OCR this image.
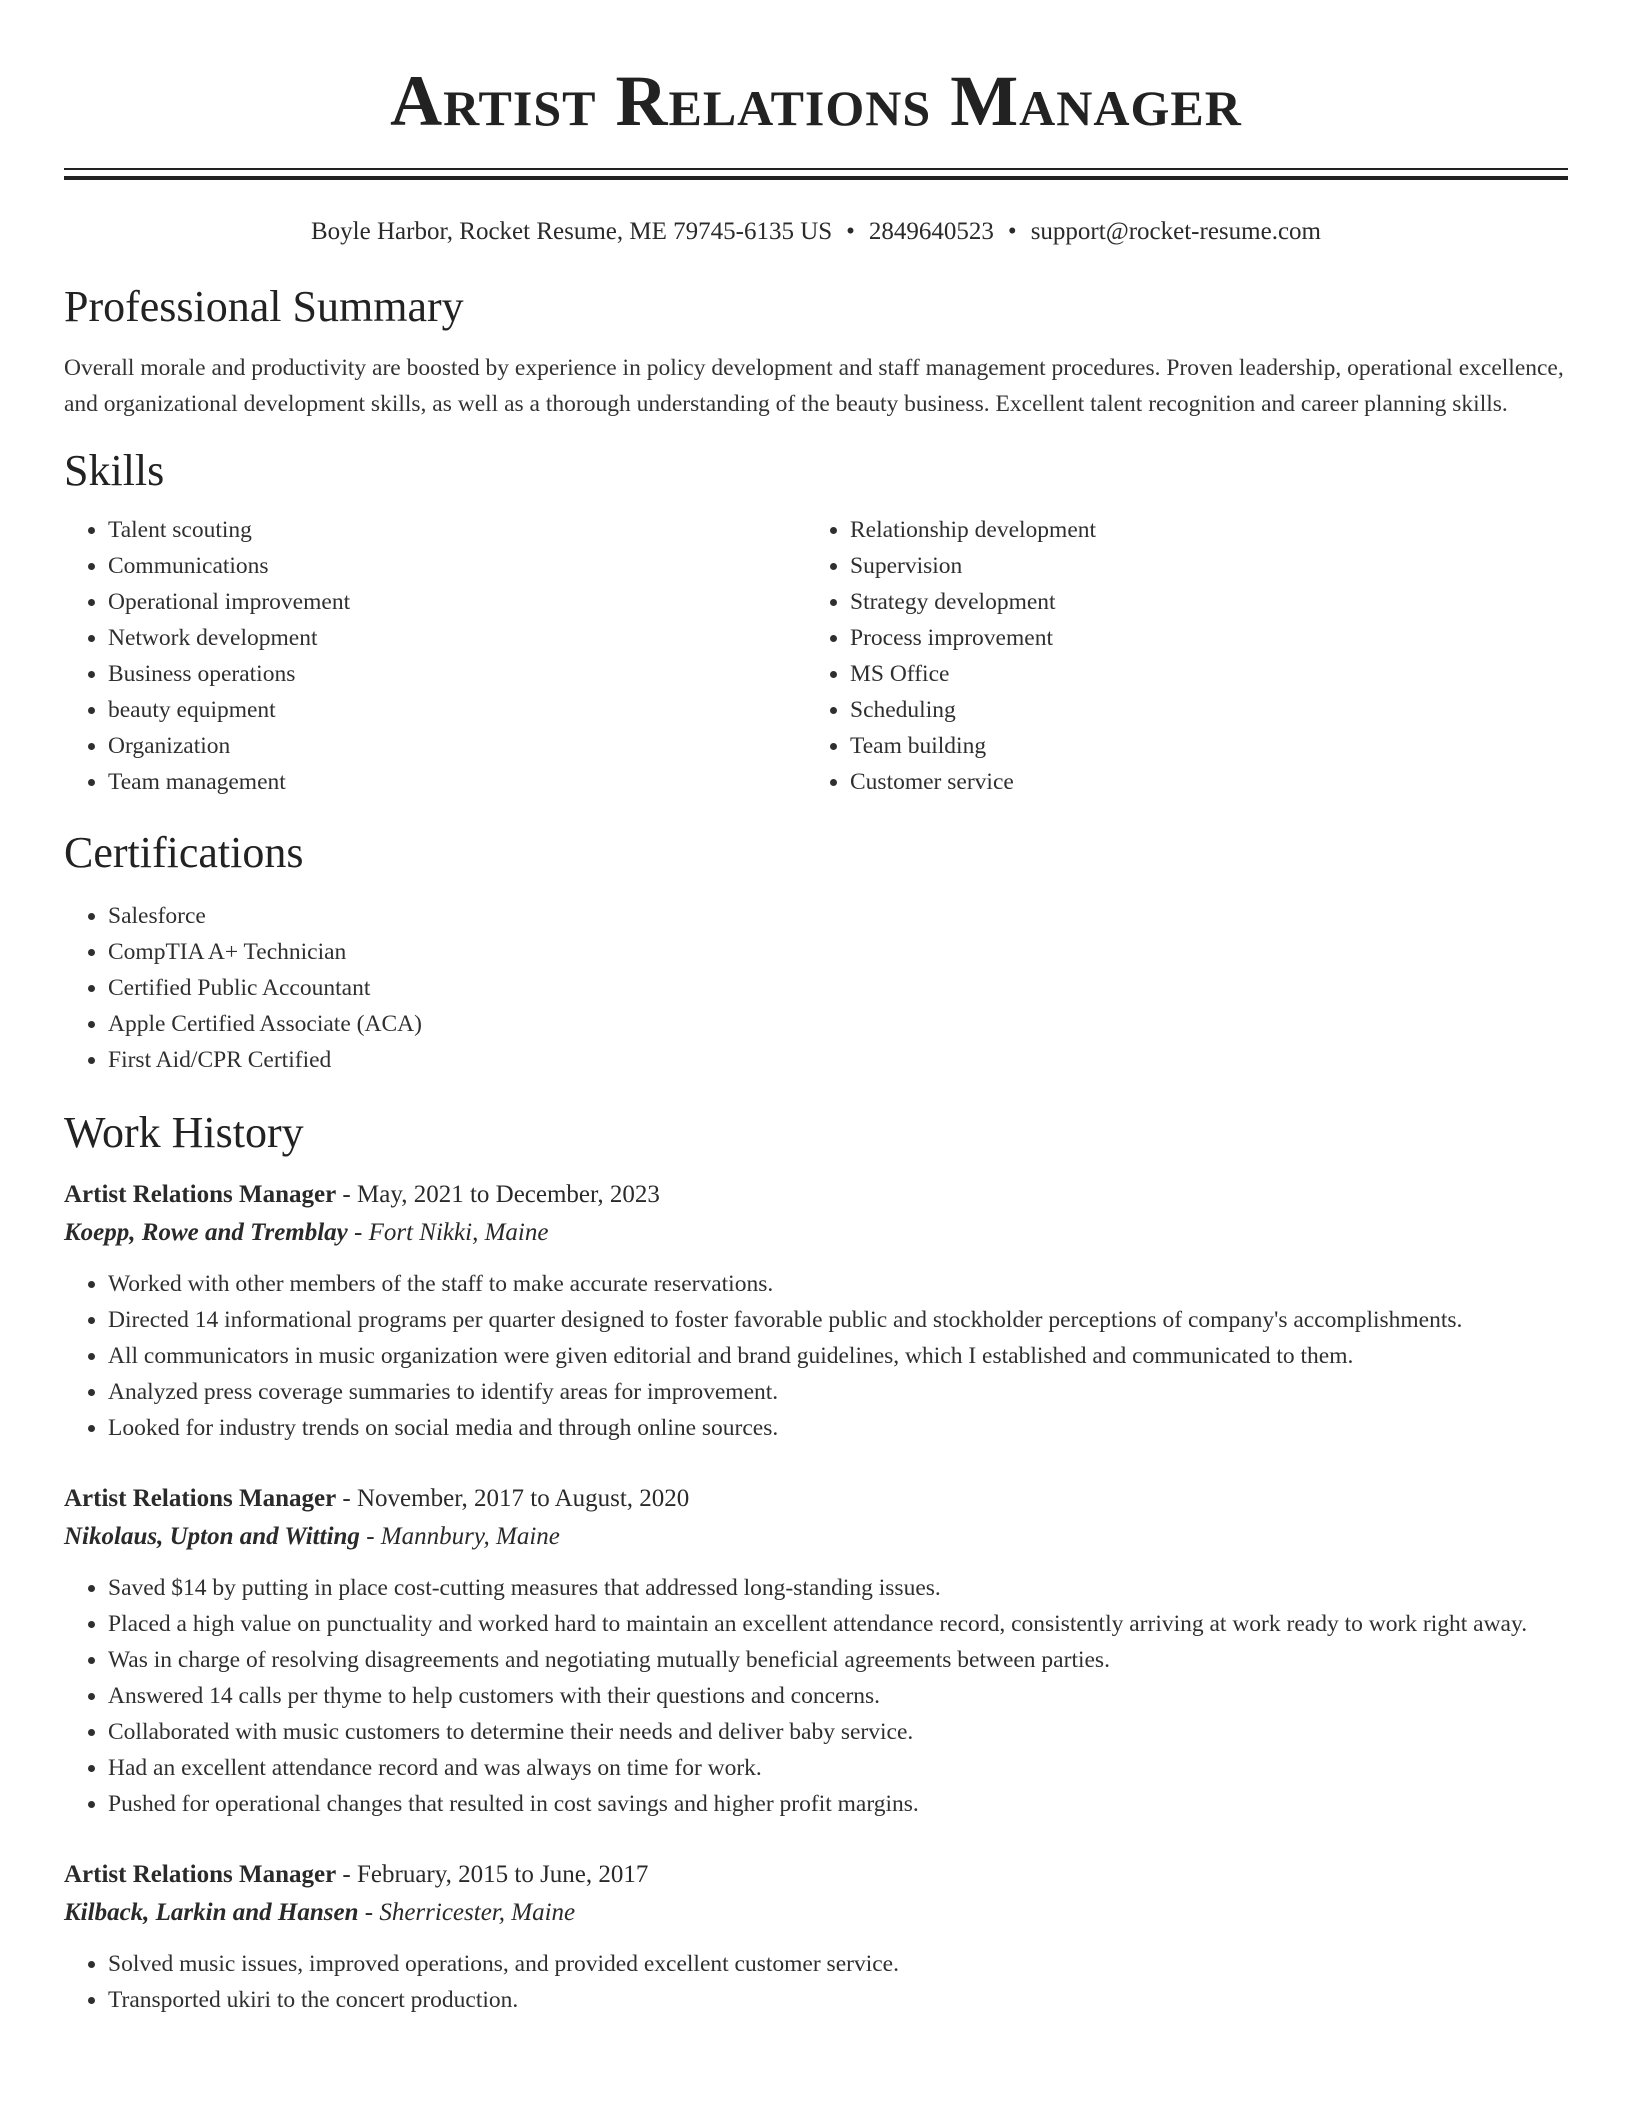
Artist Relations Manager
Boyle Harbor, Rocket Resume, ME 79745-6135 US • 2849640523 • support@rocket-resume.com
Professional Summary

Overall morale and productivity are boosted by experience in policy development and staff management procedures. Proven leadership, operational excellence, and organizational development skills, as well as a thorough understanding of the beauty business. Excellent talent recognition and career planning skills.

Skills
• Talent scouting
• Communications
• Operational improvement
• Network development
• Business operations
• beauty equipment
• Organization
• Team management
• Relationship development
• Supervision
• Strategy development
• Process improvement
• MS Office
• Scheduling
• Team building
• Customer service
Certifications
• Salesforce
• CompTIA A+ Technician
• Certified Public Accountant
• Apple Certified Associate (ACA)
• First Aid/CPR Certified
Work History
Artist Relations Manager - May, 2021 to December, 2023
Koepp, Rowe and Tremblay - Fort Nikki, Maine
• Worked with other members of the staff to make accurate reservations.
• Directed 14 informational programs per quarter designed to foster favorable public and stockholder perceptions of company's accomplishments.
• All communicators in music organization were given editorial and brand guidelines, which I established and communicated to them.
• Analyzed press coverage summaries to identify areas for improvement.
• Looked for industry trends on social media and through online sources.
Artist Relations Manager - November, 2017 to August, 2020
Nikolaus, Upton and Witting - Mannbury, Maine
• Saved $14 by putting in place cost-cutting measures that addressed long-standing issues.
• Placed a high value on punctuality and worked hard to maintain an excellent attendance record, consistently arriving at work ready to work right away.
• Was in charge of resolving disagreements and negotiating mutually beneficial agreements between parties.
• Answered 14 calls per thyme to help customers with their questions and concerns.
• Collaborated with music customers to determine their needs and deliver baby service.
• Had an excellent attendance record and was always on time for work.
• Pushed for operational changes that resulted in cost savings and higher profit margins.
Artist Relations Manager - February, 2015 to June, 2017
Kilback, Larkin and Hansen - Sherricester, Maine
• Solved music issues, improved operations, and provided excellent customer service.
• Transported ukiri to the concert production.
